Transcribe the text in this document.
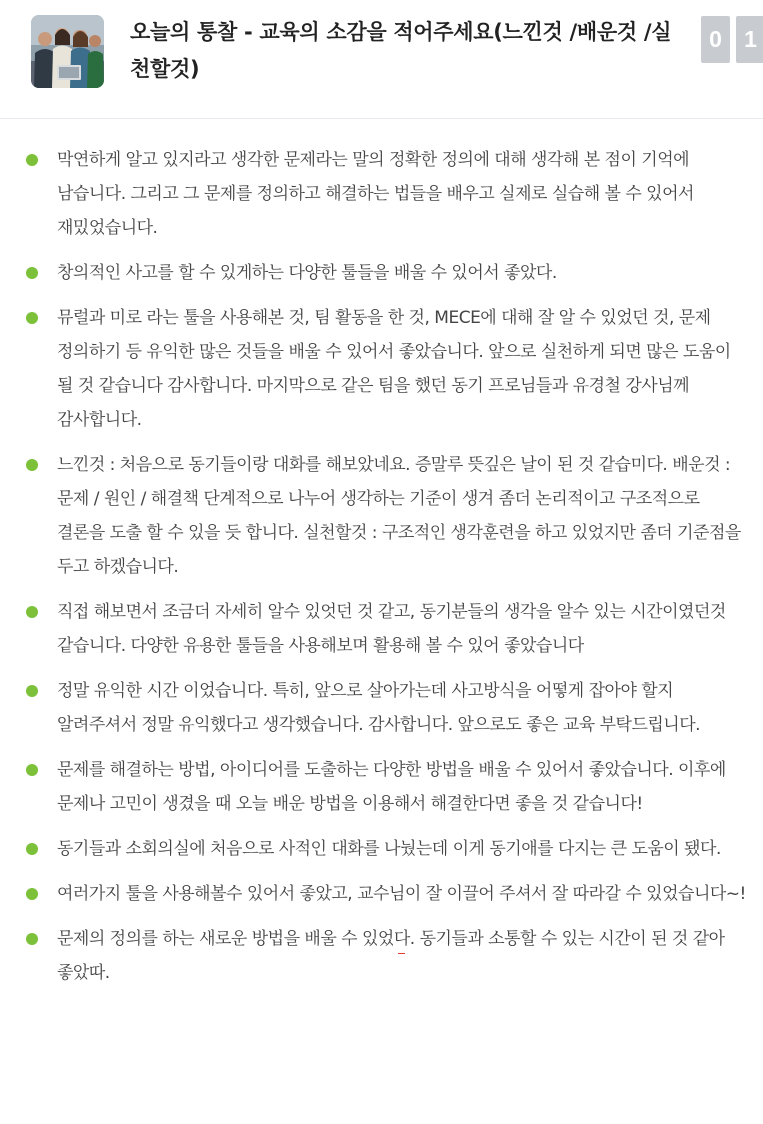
오늘의 통찰 - 교육의 소감을 적어주세요(느낀것 /배운것 /실천할것)
0 1
막연하게 알고 있지라고 생각한 문제라는 말의 정확한 정의에 대해 생각해 본 점이 기억에 남습니다. 그리고 그 문제를 정의하고 해결하는 법들을 배우고 실제로 실습해 볼 수 있어서 재밌었습니다.
창의적인 사고를 할 수 있게하는 다양한 툴들을 배울 수 있어서 좋았다.
뮤럴과 미로 라는 툴을 사용해본 것, 팀 활동을 한 것, MECE에 대해 잘 알 수 있었던 것, 문제 정의하기 등 유익한 많은 것들을 배울 수 있어서 좋았습니다. 앞으로 실천하게 되면 많은 도움이 될 것 같습니다 감사합니다. 마지막으로 같은 팀을 했던 동기 프로님들과 유경철 강사님께 감사합니다.
느낀것 : 처음으로 동기들이랑 대화를 해보았네요. 증말루 뜻깊은 날이 된 것 같습미다. 배운것 : 문제 / 원인 / 해결책 단계적으로 나누어 생각하는 기준이 생겨 좀더 논리적이고 구조적으로 결론을 도출 할 수 있을 듯 합니다. 실천할것 : 구조적인 생각훈련을 하고 있었지만 좀더 기준점을 두고 하겠습니다.
직접 해보면서 조금더 자세히 알수 있엇던 것 같고, 동기분들의 생각을 알수 있는 시간이였던것 같습니다. 다양한 유용한 툴들을 사용해보며 활용해 볼 수 있어 좋았습니다
정말 유익한 시간 이었습니다. 특히, 앞으로 살아가는데 사고방식을 어떻게 잡아야 할지 알려주셔서 정말 유익했다고 생각했습니다. 감사합니다. 앞으로도 좋은 교육 부탁드립니다.
문제를 해결하는 방법, 아이디어를 도출하는 다양한 방법을 배울 수 있어서 좋았습니다. 이후에 문제나 고민이 생겼을 때 오늘 배운 방법을 이용해서 해결한다면 좋을 것 같습니다!
동기들과 소회의실에 처음으로 사적인 대화를 나눴는데 이게 동기애를 다지는 큰 도움이 됐다.
여러가지 툴을 사용해볼수 있어서 좋았고, 교수님이 잘 이끌어 주셔서 잘 따라갈 수 있었습니다~!
문제의 정의를 하는 새로운 방법을 배울 수 있었다. 동기들과 소통할 수 있는 시간이 된 것 같아 좋았따.
